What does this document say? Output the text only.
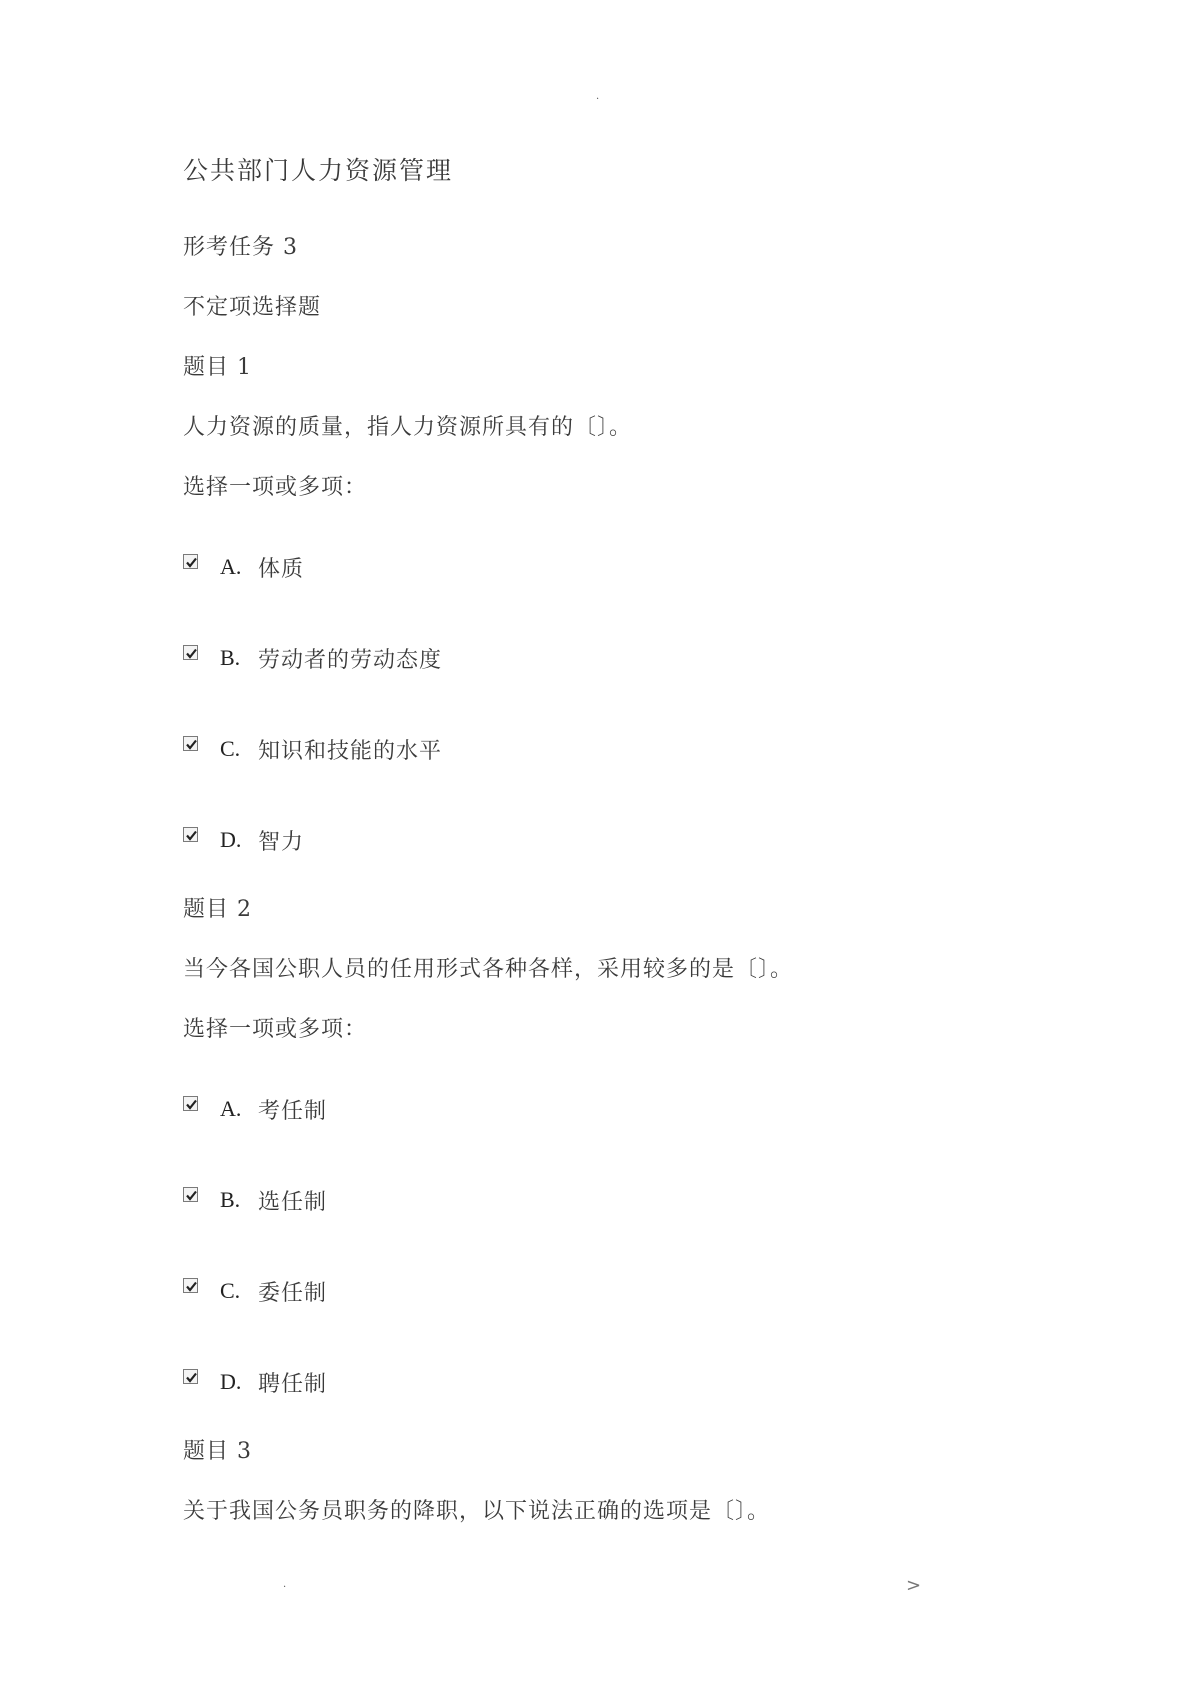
.
公共部门人力资源管理
形考任务 3
不定项选择题
题目 1
人力资源的质量，指人力资源所具有的〔〕。
选择一项或多项：
A. 体质
B. 劳动者的劳动态度
C. 知识和技能的水平
D. 智力
题目 2
当今各国公职人员的任用形式各种各样，采用较多的是〔〕。
选择一项或多项：
A. 考任制
B. 选任制
C. 委任制
D. 聘任制
题目 3
关于我国公务员职务的降职，以下说法正确的选项是〔〕。
.	>
